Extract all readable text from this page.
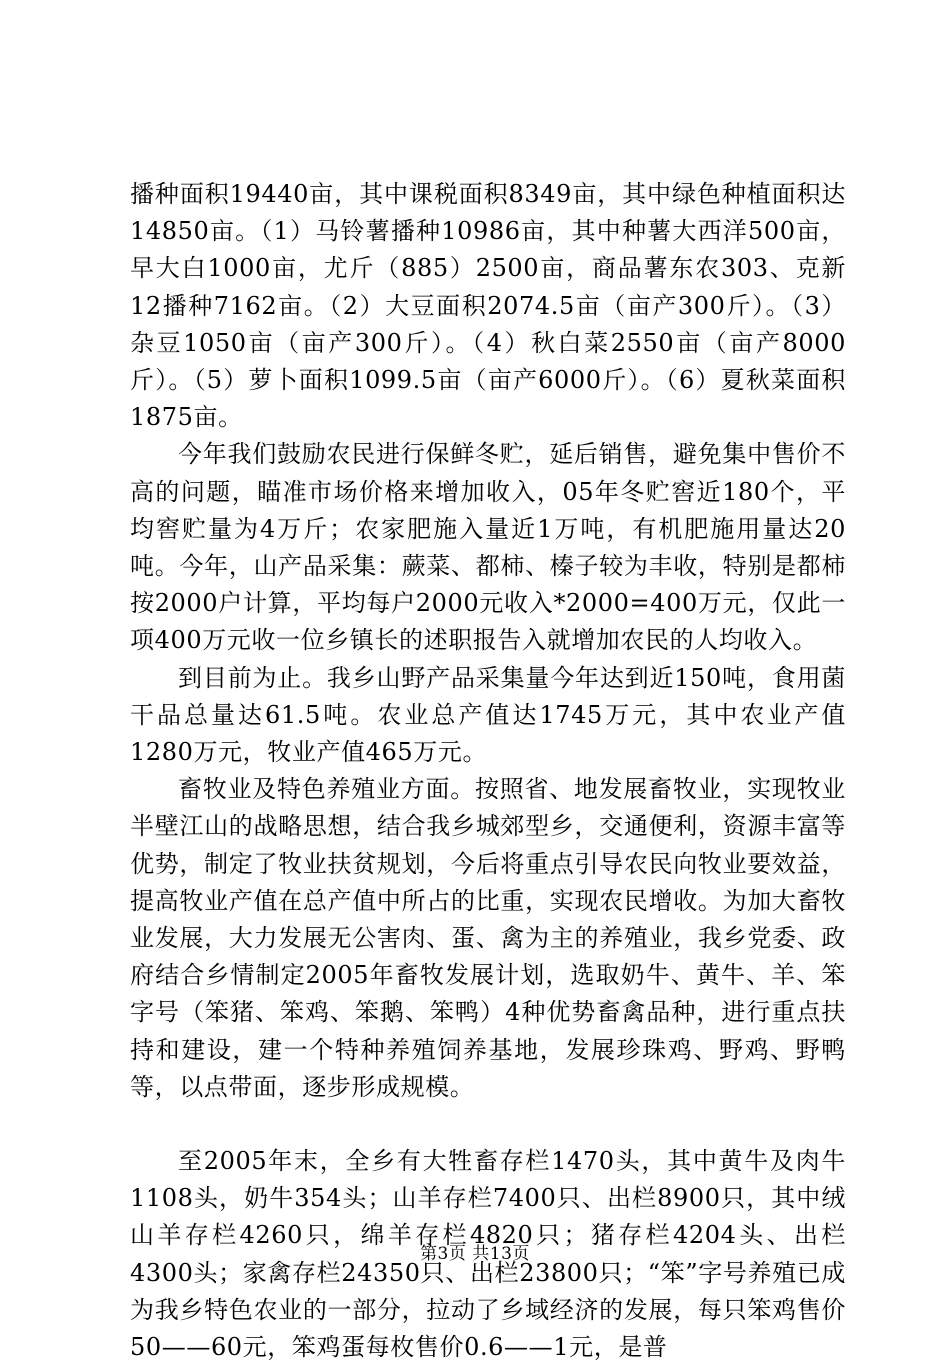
播种面积19440亩，其中课税面积8349亩，其中绿色种植面积达14850亩。（1）马铃薯播种10986亩，其中种薯大西洋500亩，早大白1000亩，尤斤（885）2500亩，商品薯东农303、克新12播种7162亩。（2）大豆面积2074.5亩（亩产300斤）。（3）杂豆1050亩（亩产300斤）。（4）秋白菜2550亩（亩产8000斤）。（5）萝卜面积1099.5亩（亩产6000斤）。（6）夏秋菜面积1875亩。

今年我们鼓励农民进行保鲜冬贮，延后销售，避免集中售价不高的问题，瞄准市场价格来增加收入，05年冬贮窖近180个，平均窖贮量为4万斤；农家肥施入量近1万吨，有机肥施用量达20吨。今年，山产品采集：蕨菜、都柿、榛子较为丰收，特别是都柿按2000户计算，平均每户2000元收入*2000=400万元，仅此一项400万元收一位乡镇长的述职报告入就增加农民的人均收入。

到目前为止。我乡山野产品采集量今年达到近150吨，食用菌干品总量达61.5吨。农业总产值达1745万元，其中农业产值1280万元，牧业产值465万元。

畜牧业及特色养殖业方面。按照省、地发展畜牧业，实现牧业半壁江山的战略思想，结合我乡城郊型乡，交通便利，资源丰富等优势，制定了牧业扶贫规划，今后将重点引导农民向牧业要效益，提高牧业产值在总产值中所占的比重，实现农民增收。为加大畜牧业发展，大力发展无公害肉、蛋、禽为主的养殖业，我乡党委、政府结合乡情制定2005年畜牧发展计划，选取奶牛、黄牛、羊、笨字号（笨猪、笨鸡、笨鹅、笨鸭）4种优势畜禽品种，进行重点扶持和建设，建一个特种养殖饲养基地，发展珍珠鸡、野鸡、野鸭等，以点带面，逐步形成规模。

至2005年末，全乡有大牲畜存栏1470头，其中黄牛及肉牛1108头，奶牛354头；山羊存栏7400只、出栏8900只，其中绒山羊存栏4260只，绵羊存栏4820只；猪存栏4204头、出栏4300头；家禽存栏24350只、出栏23800只；“笨”字号养殖已成为我乡特色农业的一部分，拉动了乡域经济的发展，每只笨鸡售价50——60元，笨鸡蛋每枚售价0.6——1元，是普

第3页 共13页
